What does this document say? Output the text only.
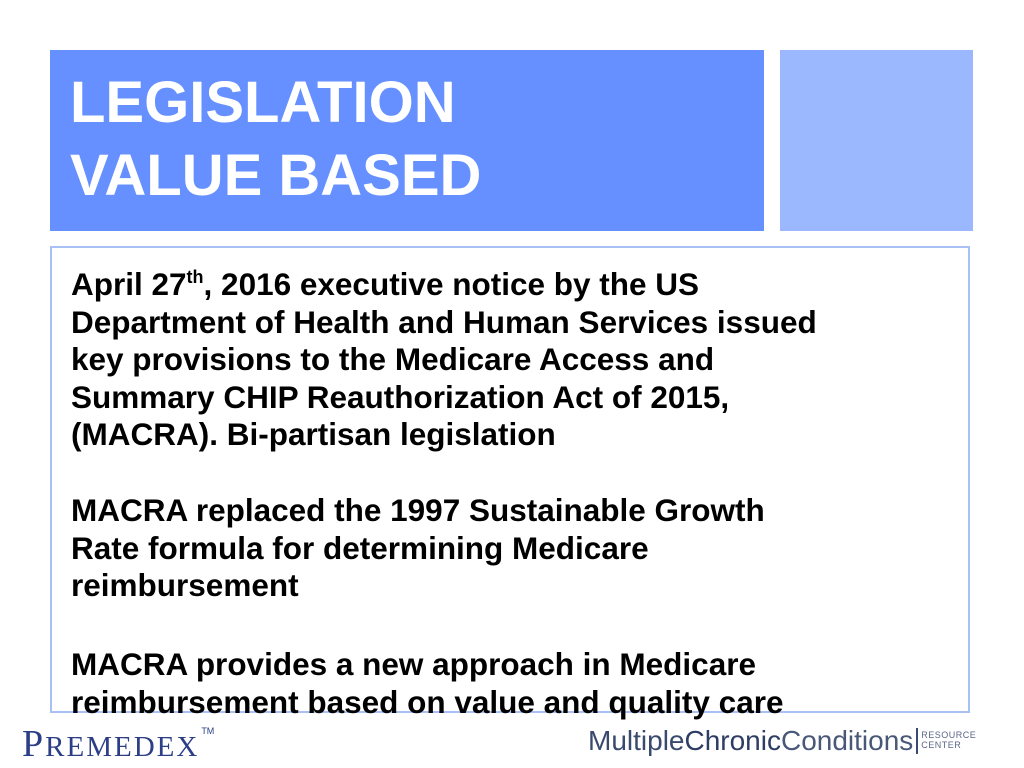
LEGISLATION
VALUE BASED
April 27th, 2016 executive notice by the US
Department of Health and Human Services issued
key provisions to the Medicare Access and
Summary CHIP Reauthorization Act of 2015,
(MACRA). Bi-partisan legislation
MACRA replaced the 1997 Sustainable Growth
Rate formula for determining Medicare
reimbursement
MACRA provides a new approach in Medicare
reimbursement based on value and quality care
PREMEDEX ™	MultipleChronicConditions RESOURCE
CENTER
